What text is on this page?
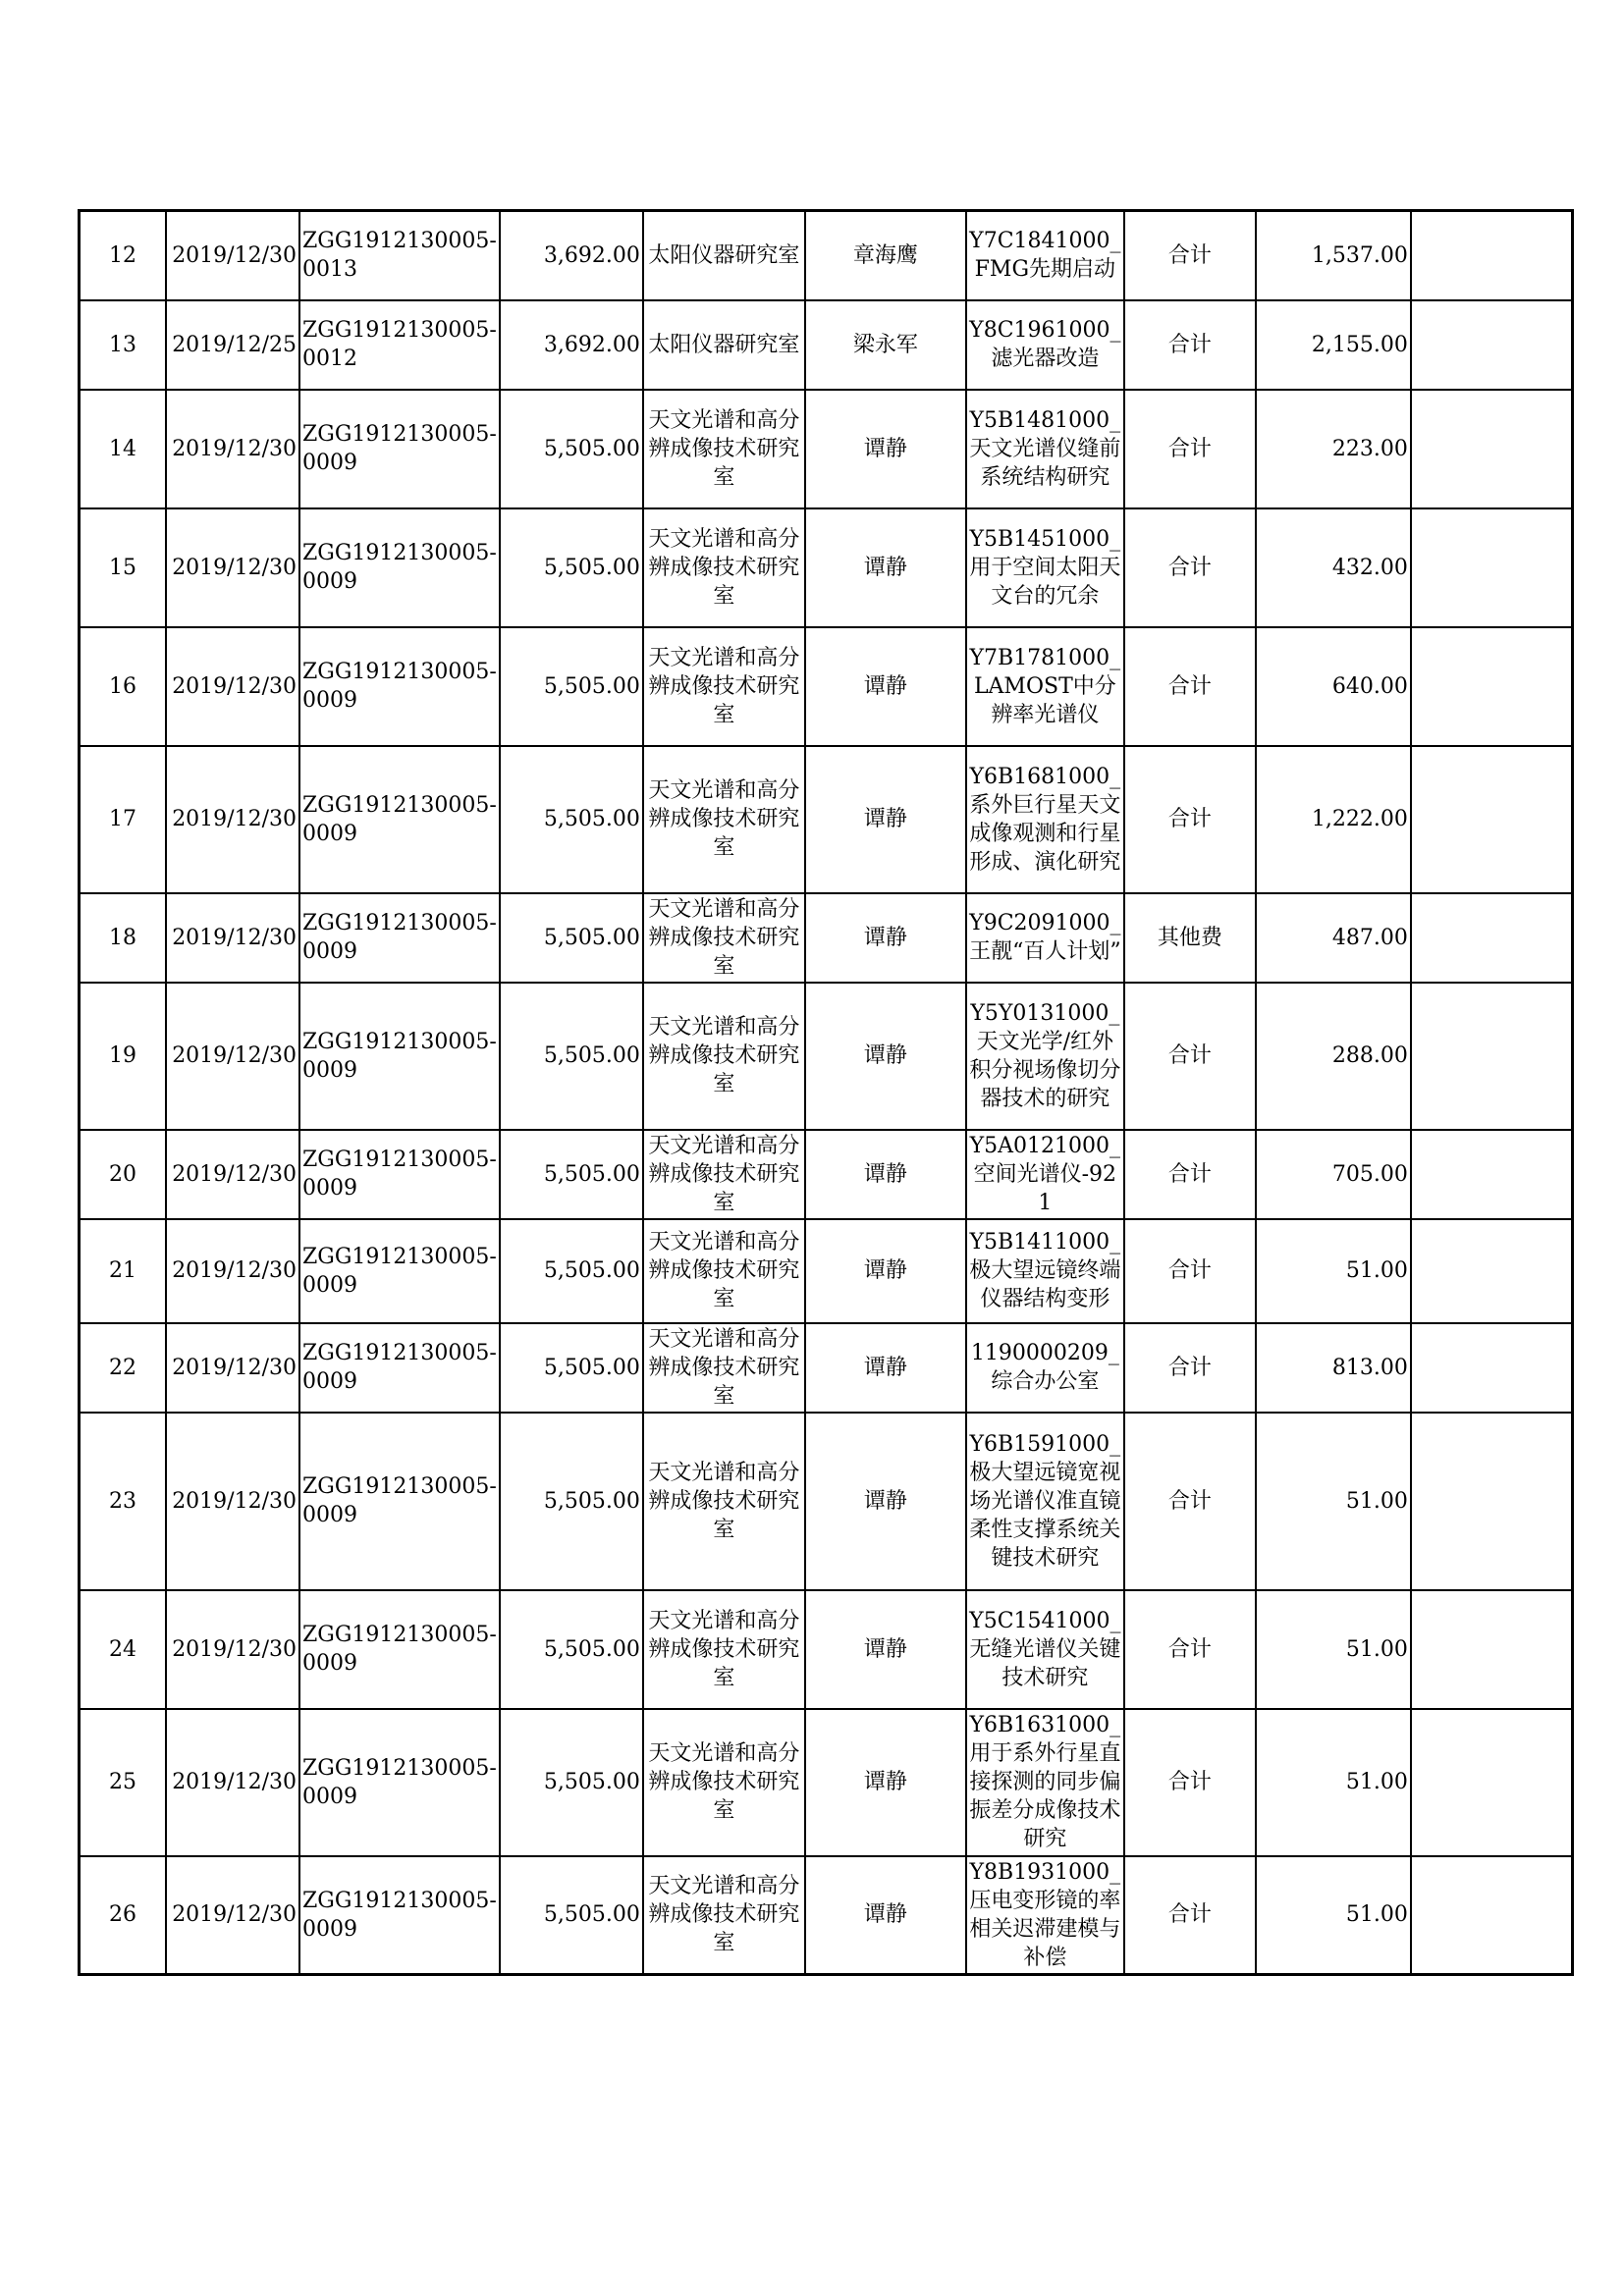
12	2019/12/30	ZGG1912130005-0013	3,692.00	太阳仪器研究室	章海鹰	Y7C1841000_FMG先期启动	合计	1,537.00	
13	2019/12/25	ZGG1912130005-0012	3,692.00	太阳仪器研究室	梁永军	Y8C1961000_滤光器改造	合计	2,155.00	
14	2019/12/30	ZGG1912130005-0009	5,505.00	天文光谱和高分辨成像技术研究室	谭静	Y5B1481000_天文光谱仪缝前系统结构研究	合计	223.00	
15	2019/12/30	ZGG1912130005-0009	5,505.00	天文光谱和高分辨成像技术研究室	谭静	Y5B1451000_用于空间太阳天文台的冗余	合计	432.00	
16	2019/12/30	ZGG1912130005-0009	5,505.00	天文光谱和高分辨成像技术研究室	谭静	Y7B1781000_LAMOST中分辨率光谱仪	合计	640.00	
17	2019/12/30	ZGG1912130005-0009	5,505.00	天文光谱和高分辨成像技术研究室	谭静	Y6B1681000_系外巨行星天文成像观测和行星形成、演化研究	合计	1,222.00	
18	2019/12/30	ZGG1912130005-0009	5,505.00	天文光谱和高分辨成像技术研究室	谭静	Y9C2091000_王靓“百人计划”	其他费	487.00	
19	2019/12/30	ZGG1912130005-0009	5,505.00	天文光谱和高分辨成像技术研究室	谭静	Y5Y0131000_天文光学/红外积分视场像切分器技术的研究	合计	288.00	
20	2019/12/30	ZGG1912130005-0009	5,505.00	天文光谱和高分辨成像技术研究室	谭静	Y5A0121000_空间光谱仪-921	合计	705.00	
21	2019/12/30	ZGG1912130005-0009	5,505.00	天文光谱和高分辨成像技术研究室	谭静	Y5B1411000_极大望远镜终端仪器结构变形	合计	51.00	
22	2019/12/30	ZGG1912130005-0009	5,505.00	天文光谱和高分辨成像技术研究室	谭静	1190000209_综合办公室	合计	813.00	
23	2019/12/30	ZGG1912130005-0009	5,505.00	天文光谱和高分辨成像技术研究室	谭静	Y6B1591000_极大望远镜宽视场光谱仪准直镜柔性支撑系统关键技术研究	合计	51.00	
24	2019/12/30	ZGG1912130005-0009	5,505.00	天文光谱和高分辨成像技术研究室	谭静	Y5C1541000_无缝光谱仪关键技术研究	合计	51.00	
25	2019/12/30	ZGG1912130005-0009	5,505.00	天文光谱和高分辨成像技术研究室	谭静	Y6B1631000_用于系外行星直接探测的同步偏振差分成像技术研究	合计	51.00	
26	2019/12/30	ZGG1912130005-0009	5,505.00	天文光谱和高分辨成像技术研究室	谭静	Y8B1931000_压电变形镜的率相关迟滞建模与补偿	合计	51.00	
